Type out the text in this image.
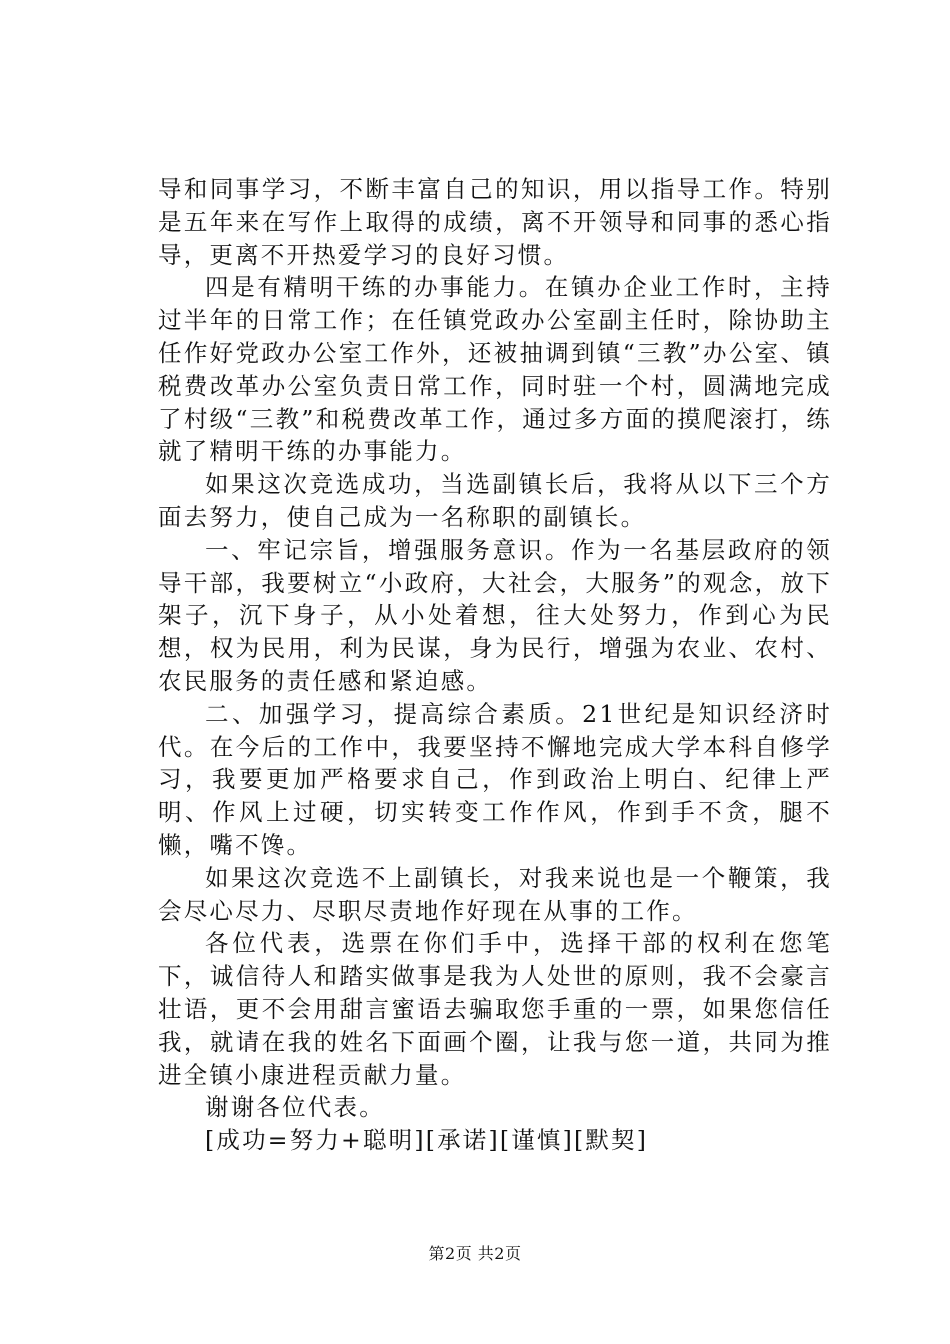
导和同事学习，不断丰富自己的知识，用以指导工作。特别是五年来在写作上取得的成绩，离不开领导和同事的悉心指导，更离不开热爱学习的良好习惯。

四是有精明干练的办事能力。在镇办企业工作时，主持过半年的日常工作；在任镇党政办公室副主任时，除协助主任作好党政办公室工作外，还被抽调到镇“三教”办公室、镇税费改革办公室负责日常工作，同时驻一个村，圆满地完成了村级“三教”和税费改革工作，通过多方面的摸爬滚打，练就了精明干练的办事能力。

如果这次竞选成功，当选副镇长后，我将从以下三个方面去努力，使自己成为一名称职的副镇长。

一、牢记宗旨，增强服务意识。作为一名基层政府的领导干部，我要树立“小政府，大社会，大服务”的观念，放下架子，沉下身子，从小处着想，往大处努力，作到心为民想，权为民用，利为民谋，身为民行，增强为农业、农村、农民服务的责任感和紧迫感。

二、加强学习，提高综合素质。21世纪是知识经济时代。在今后的工作中，我要坚持不懈地完成大学本科自修学习，我要更加严格要求自己，作到政治上明白、纪律上严明、作风上过硬，切实转变工作作风，作到手不贪，腿不懒，嘴不馋。

如果这次竞选不上副镇长，对我来说也是一个鞭策，我会尽心尽力、尽职尽责地作好现在从事的工作。

各位代表，选票在你们手中，选择干部的权利在您笔下，诚信待人和踏实做事是我为人处世的原则，我不会豪言壮语，更不会用甜言蜜语去骗取您手重的一票，如果您信任我，就请在我的姓名下面画个圈，让我与您一道，共同为推进全镇小康进程贡献力量。

谢谢各位代表。

[成功=努力+聪明][承诺][谨慎][默契]

第2页 共2页
